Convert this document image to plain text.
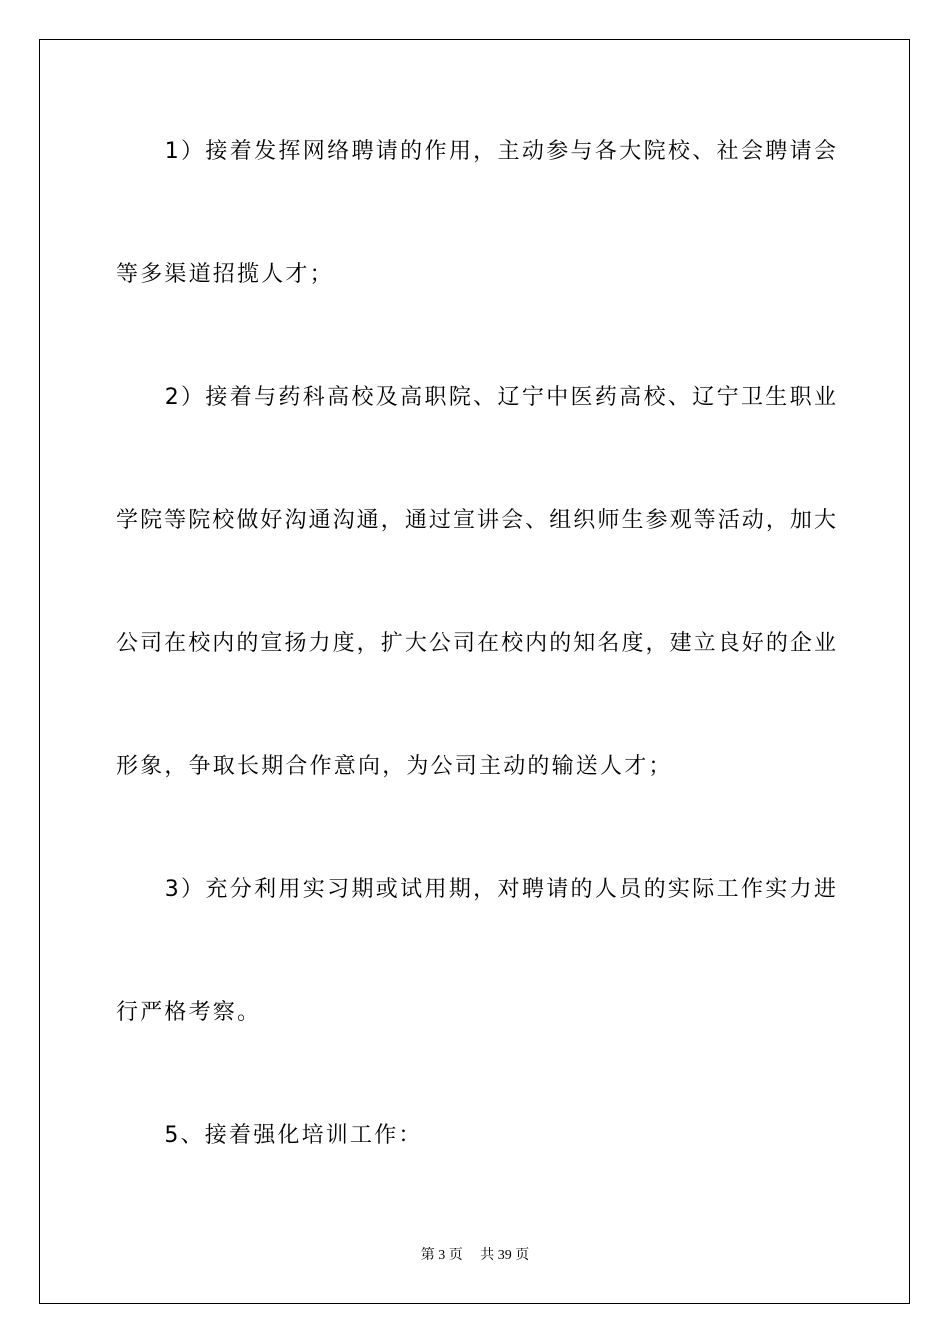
　　1）接着发挥网络聘请的作用，主动参与各大院校、社会聘请会
等多渠道招揽人才；
　　2）接着与药科高校及高职院、辽宁中医药高校、辽宁卫生职业
学院等院校做好沟通沟通，通过宣讲会、组织师生参观等活动，加大
公司在校内的宣扬力度，扩大公司在校内的知名度，建立良好的企业
形象，争取长期合作意向，为公司主动的输送人才；
　　3）充分利用实习期或试用期，对聘请的人员的实际工作实力进
行严格考察。
　　5、接着强化培训工作：
第 3 页　 共 39 页
